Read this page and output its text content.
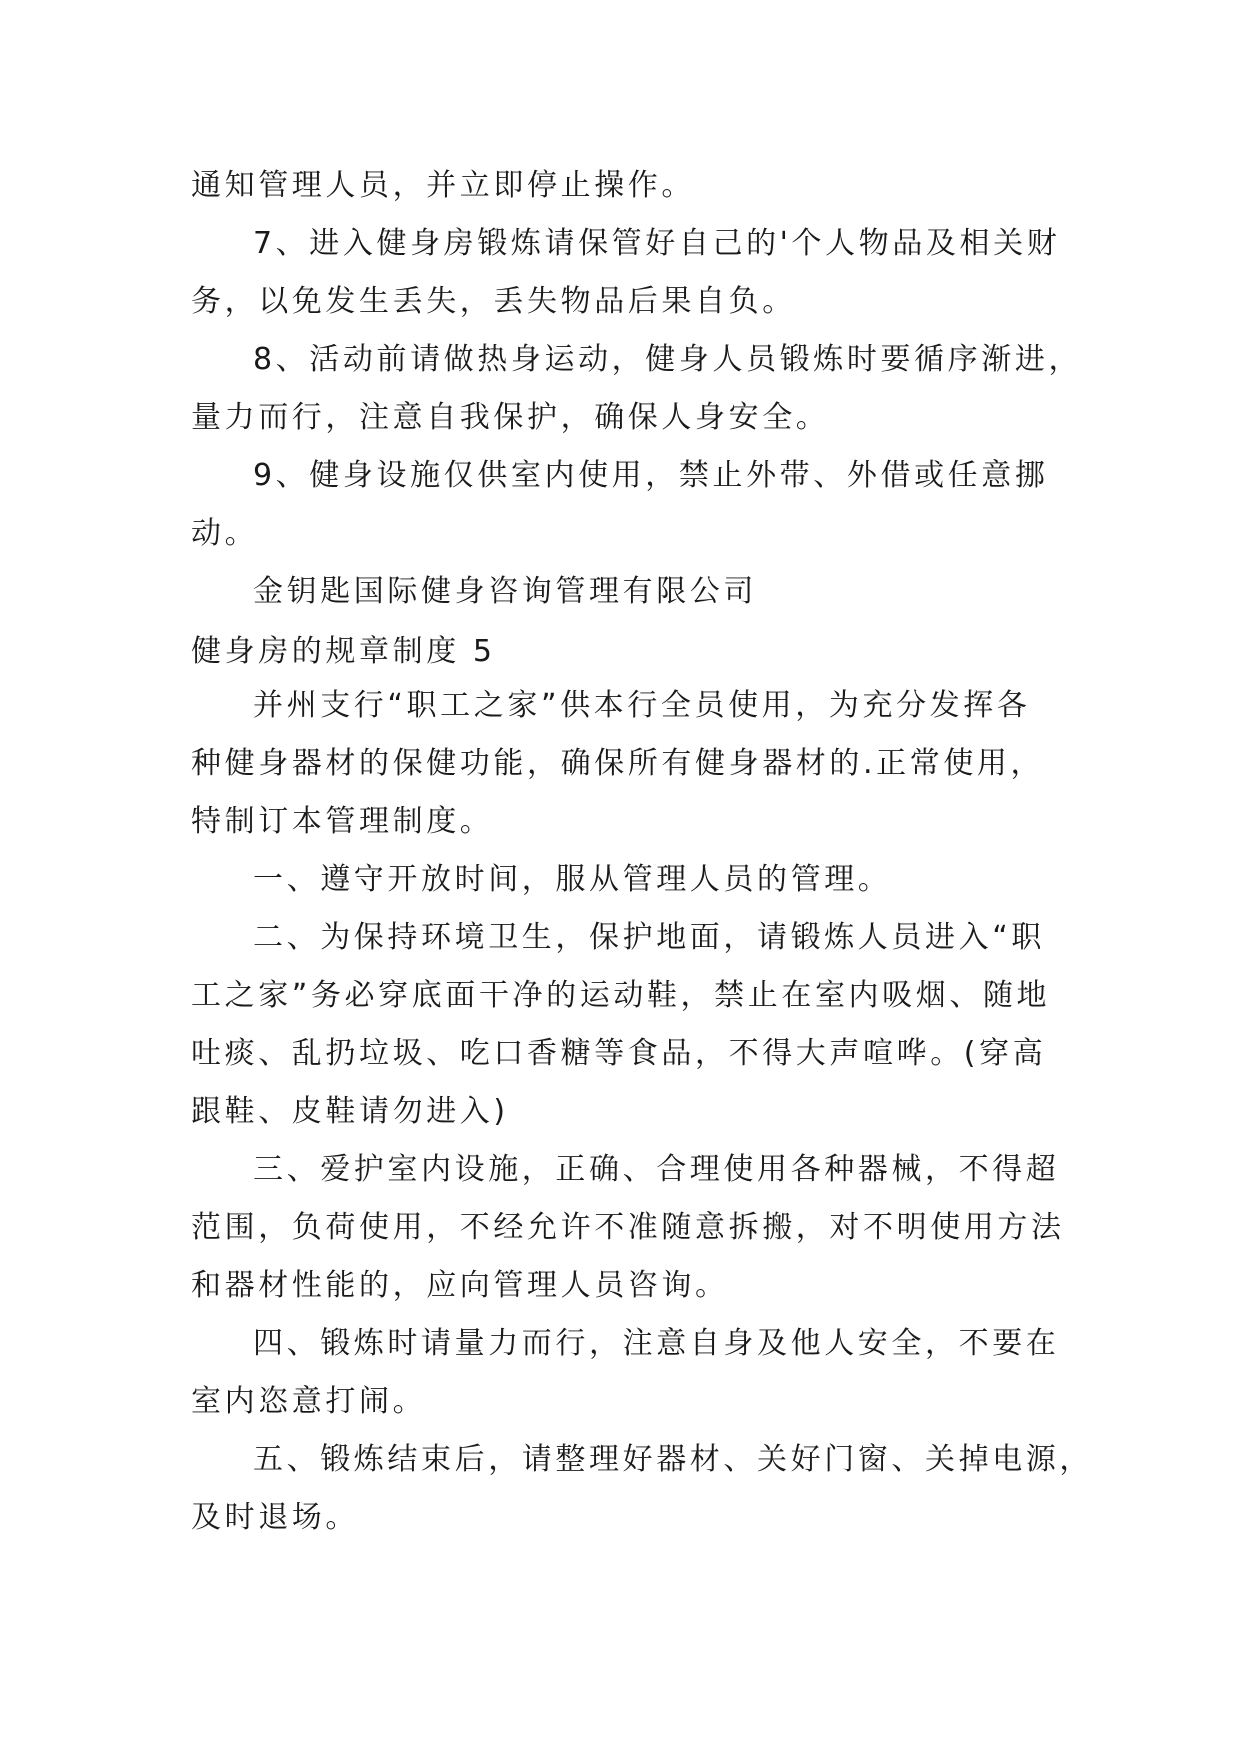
通知管理人员，并立即停止操作。
7、进入健身房锻炼请保管好自己的'个人物品及相关财
务，以免发生丢失，丢失物品后果自负。
8、活动前请做热身运动，健身人员锻炼时要循序渐进，
量力而行，注意自我保护，确保人身安全。
9、健身设施仅供室内使用，禁止外带、外借或任意挪
动。
金钥匙国际健身咨询管理有限公司
健身房的规章制度 5
并州支行“职工之家”供本行全员使用，为充分发挥各
种健身器材的保健功能，确保所有健身器材的.正常使用，
特制订本管理制度。
一、遵守开放时间，服从管理人员的管理。
二、为保持环境卫生，保护地面，请锻炼人员进入“职
工之家”务必穿底面干净的运动鞋，禁止在室内吸烟、随地
吐痰、乱扔垃圾、吃口香糖等食品，不得大声喧哗。(穿高
跟鞋、皮鞋请勿进入)
三、爱护室内设施，正确、合理使用各种器械，不得超
范围，负荷使用，不经允许不准随意拆搬，对不明使用方法
和器材性能的，应向管理人员咨询。
四、锻炼时请量力而行，注意自身及他人安全，不要在
室内恣意打闹。
五、锻炼结束后，请整理好器材、关好门窗、关掉电源，
及时退场。
